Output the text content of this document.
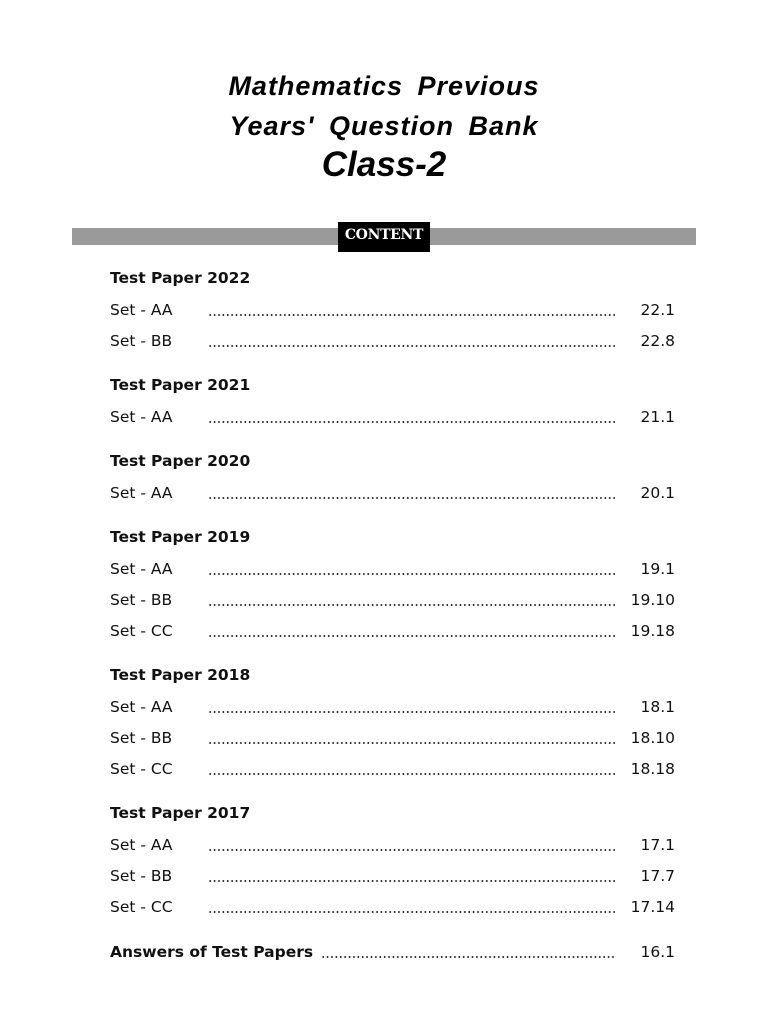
Mathematics Previous
Years' Question Bank
Class-2
CONTENT
Test Paper 2022
Set - AA	22.1
Set - BB	22.8
Test Paper 2021
Set - AA	21.1
Test Paper 2020
Set - AA	20.1
Test Paper 2019
Set - AA	19.1
Set - BB	19.10
Set - CC	19.18
Test Paper 2018
Set - AA	18.1
Set - BB	18.10
Set - CC	18.18
Test Paper 2017
Set - AA	17.1
Set - BB	17.7
Set - CC	17.14
Answers of Test Papers	16.1
